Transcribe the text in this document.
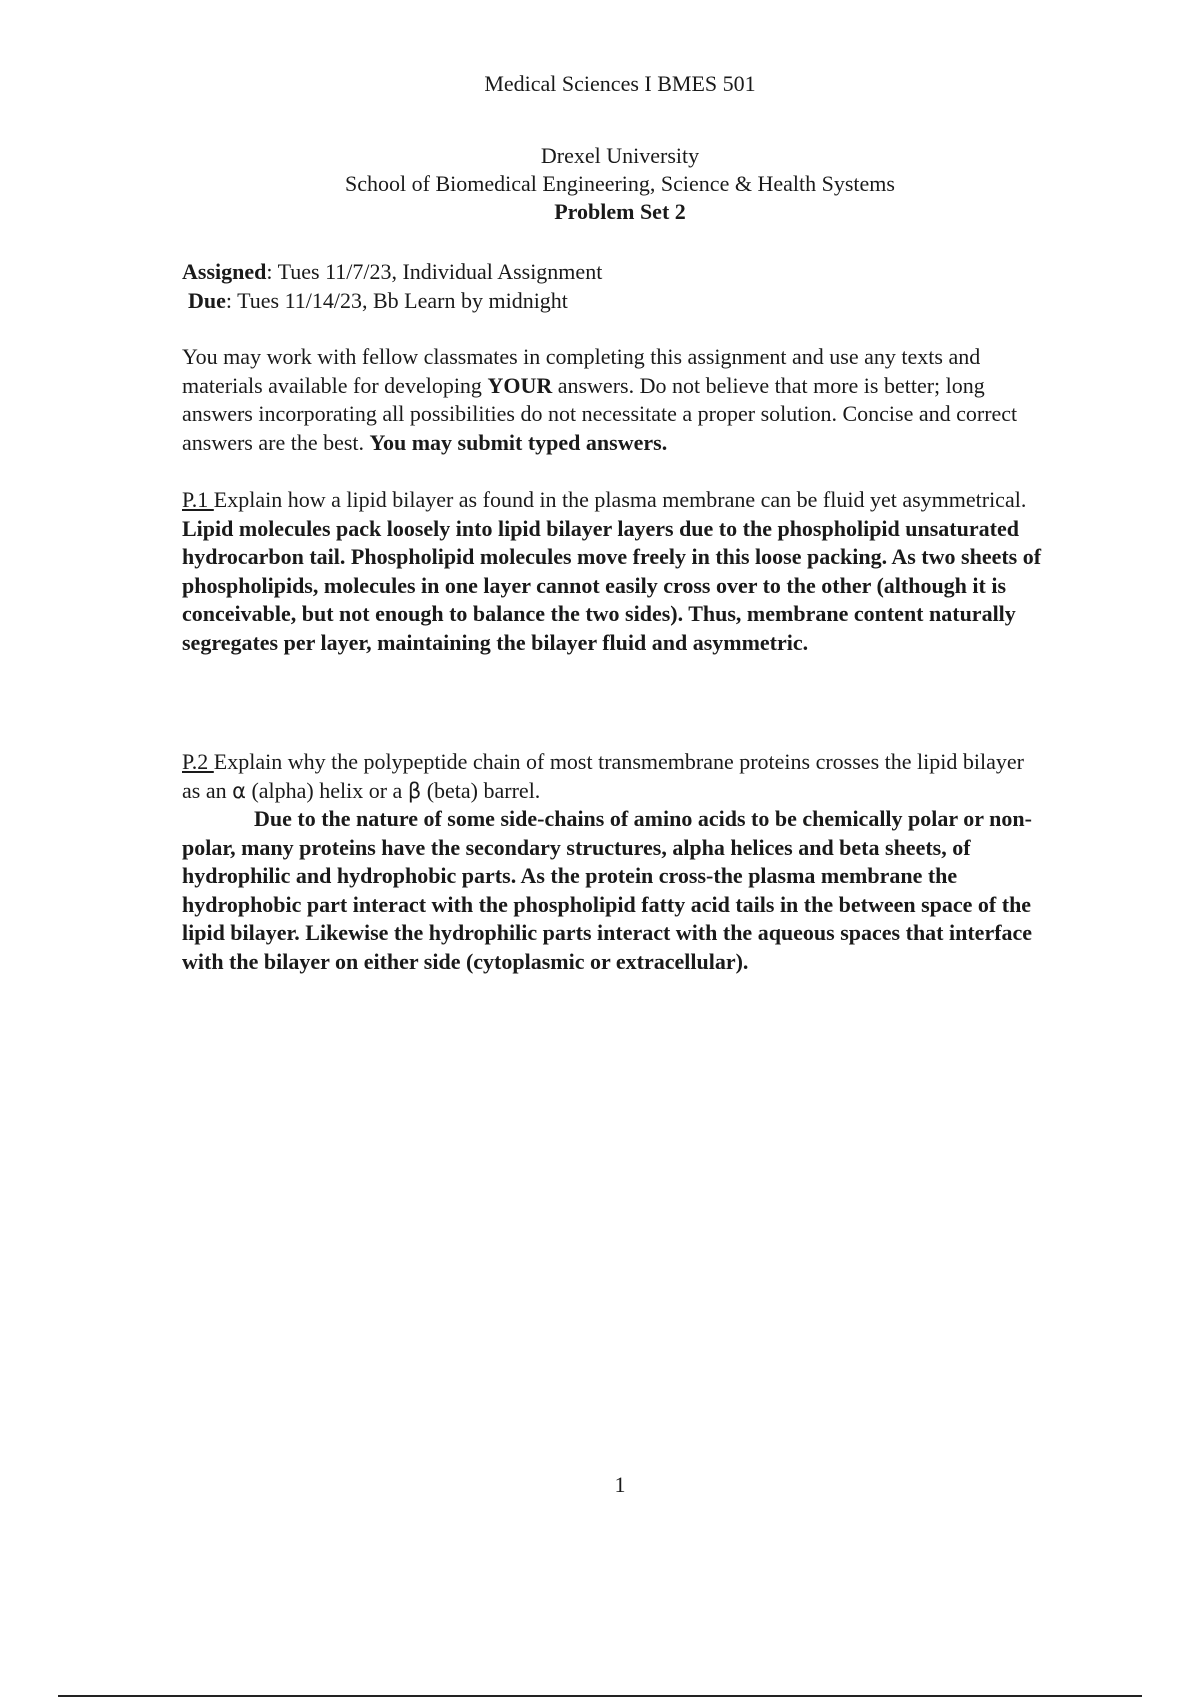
Medical Sciences I BMES 501
Drexel University
School of Biomedical Engineering, Science & Health Systems
Problem Set 2
Assigned: Tues 11/7/23, Individual Assignment
Due: Tues 11/14/23, Bb Learn by midnight
You may work with fellow classmates in completing this assignment and use any texts and materials available for developing YOUR answers. Do not believe that more is better; long answers incorporating all possibilities do not necessitate a proper solution. Concise and correct answers are the best. You may submit typed answers.
P.1 Explain how a lipid bilayer as found in the plasma membrane can be fluid yet asymmetrical.
Lipid molecules pack loosely into lipid bilayer layers due to the phospholipid unsaturated hydrocarbon tail. Phospholipid molecules move freely in this loose packing. As two sheets of phospholipids, molecules in one layer cannot easily cross over to the other (although it is conceivable, but not enough to balance the two sides). Thus, membrane content naturally segregates per layer, maintaining the bilayer fluid and asymmetric.
P.2 Explain why the polypeptide chain of most transmembrane proteins crosses the lipid bilayer as an α (alpha) helix or a β (beta) barrel.
Due to the nature of some side-chains of amino acids to be chemically polar or non-polar, many proteins have the secondary structures, alpha helices and beta sheets, of hydrophilic and hydrophobic parts. As the protein cross-the plasma membrane the hydrophobic part interact with the phospholipid fatty acid tails in the between space of the lipid bilayer. Likewise the hydrophilic parts interact with the aqueous spaces that interface with the bilayer on either side (cytoplasmic or extracellular).
1
